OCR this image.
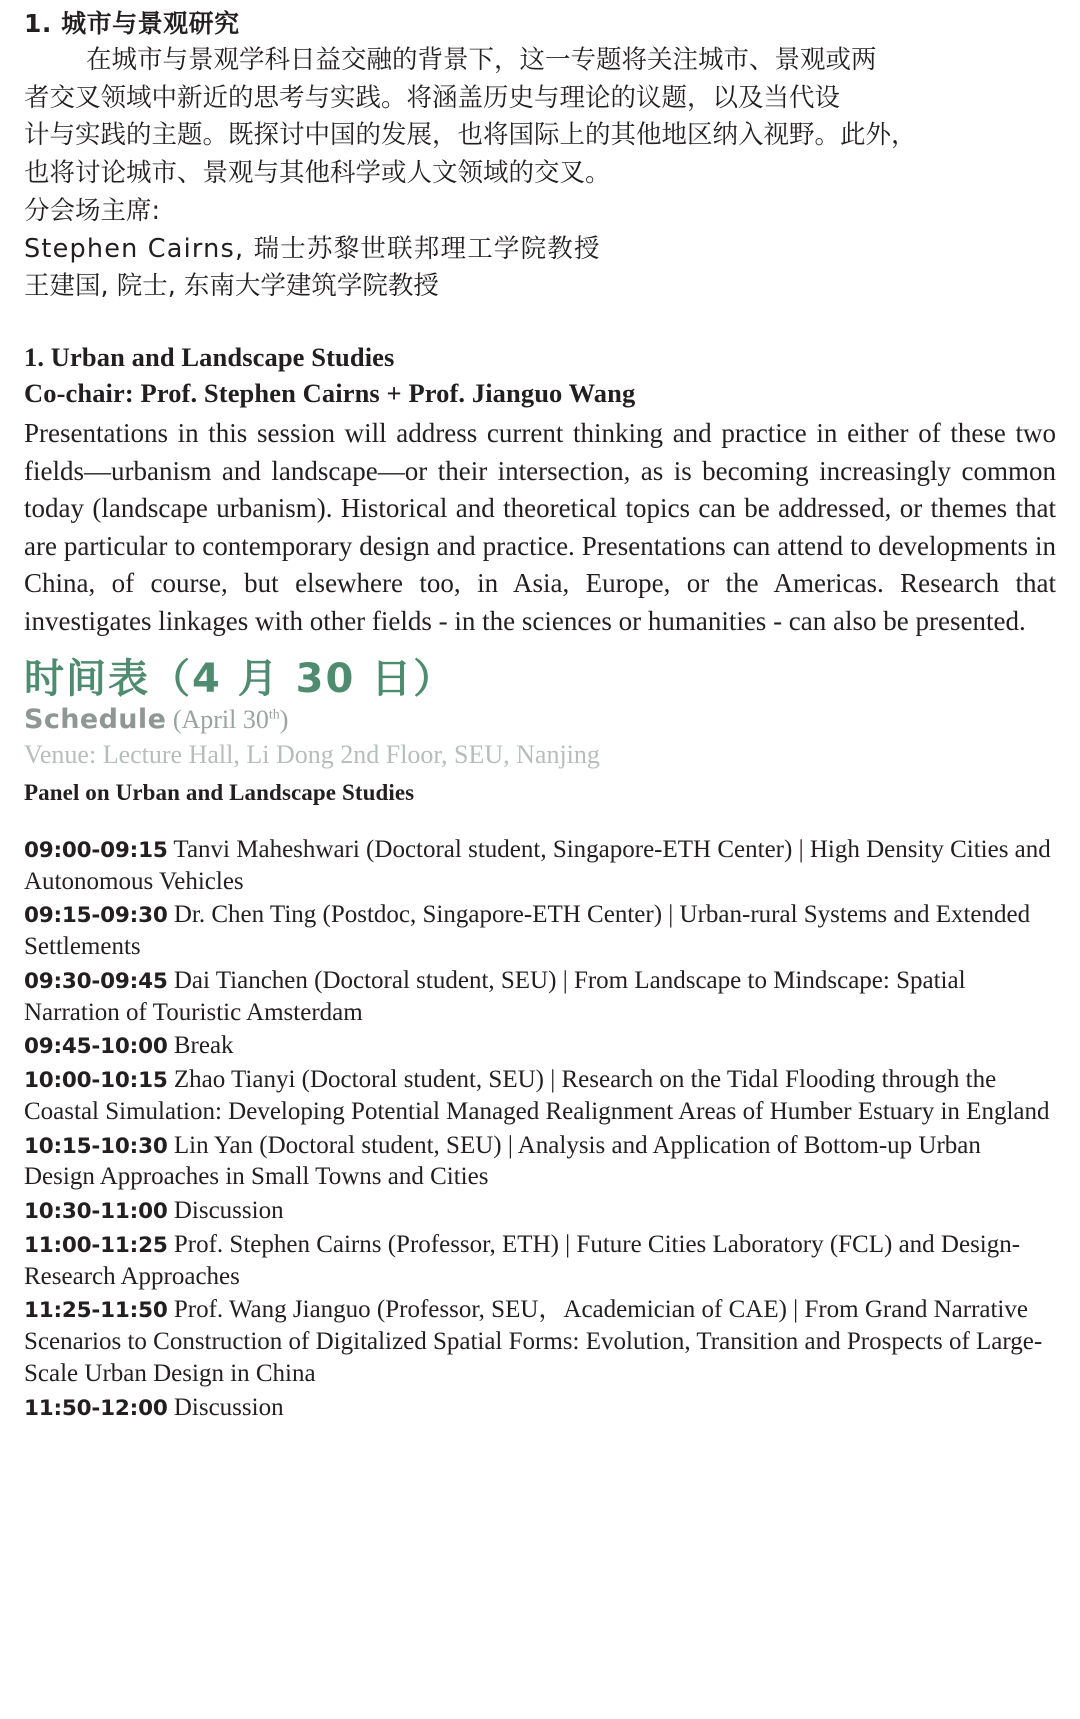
1. 城市与景观研究

在城市与景观学科日益交融的背景下，这一专题将关注城市、景观或两

者交叉领域中新近的思考与实践。将涵盖历史与理论的议题，以及当代设

计与实践的主题。既探讨中国的发展，也将国际上的其他地区纳入视野。此外，

也将讨论城市、景观与其他科学或人文领域的交叉。

分会场主席:

Stephen Cairns, 瑞士苏黎世联邦理工学院教授

王建国, 院士, 东南大学建筑学院教授

1. Urban and Landscape Studies
Co-chair: Prof. Stephen Cairns + Prof. Jianguo Wang

Presentations in this session will address current thinking and practice in either of these two fields—urbanism and landscape—or their intersection, as is becoming increasingly common today (landscape urbanism). Historical and theoretical topics can be addressed, or themes that are particular to contemporary design and practice. Presentations can attend to developments in China, of course, but elsewhere too, in Asia, Europe, or the Americas. Research that investigates linkages with other fields - in the sciences or humanities - can also be presented.

时间表（4 月 30 日）
Schedule (April 30th)
Venue: Lecture Hall, Li Dong 2nd Floor, SEU, Nanjing
Panel on Urban and Landscape Studies

09:00-09:15 Tanvi Maheshwari (Doctoral student, Singapore-ETH Center) | High Density Cities and Autonomous Vehicles

09:15-09:30 Dr. Chen Ting (Postdoc, Singapore-ETH Center) | Urban-rural Systems and Extended Settlements

09:30-09:45 Dai Tianchen (Doctoral student, SEU) | From Landscape to Mindscape: Spatial Narration of Touristic Amsterdam

09:45-10:00 Break

10:00-10:15 Zhao Tianyi (Doctoral student, SEU) | Research on the Tidal Flooding through the Coastal Simulation: Developing Potential Managed Realignment Areas of Humber Estuary in England

10:15-10:30 Lin Yan (Doctoral student, SEU) | Analysis and Application of Bottom-up Urban Design Approaches in Small Towns and Cities

10:30-11:00 Discussion

11:00-11:25 Prof. Stephen Cairns (Professor, ETH) | Future Cities Laboratory (FCL) and Design-Research Approaches

11:25-11:50 Prof. Wang Jianguo (Professor, SEU，Academician of CAE) | From Grand Narrative Scenarios to Construction of Digitalized Spatial Forms: Evolution, Transition and Prospects of Large-Scale Urban Design in China

11:50-12:00 Discussion
